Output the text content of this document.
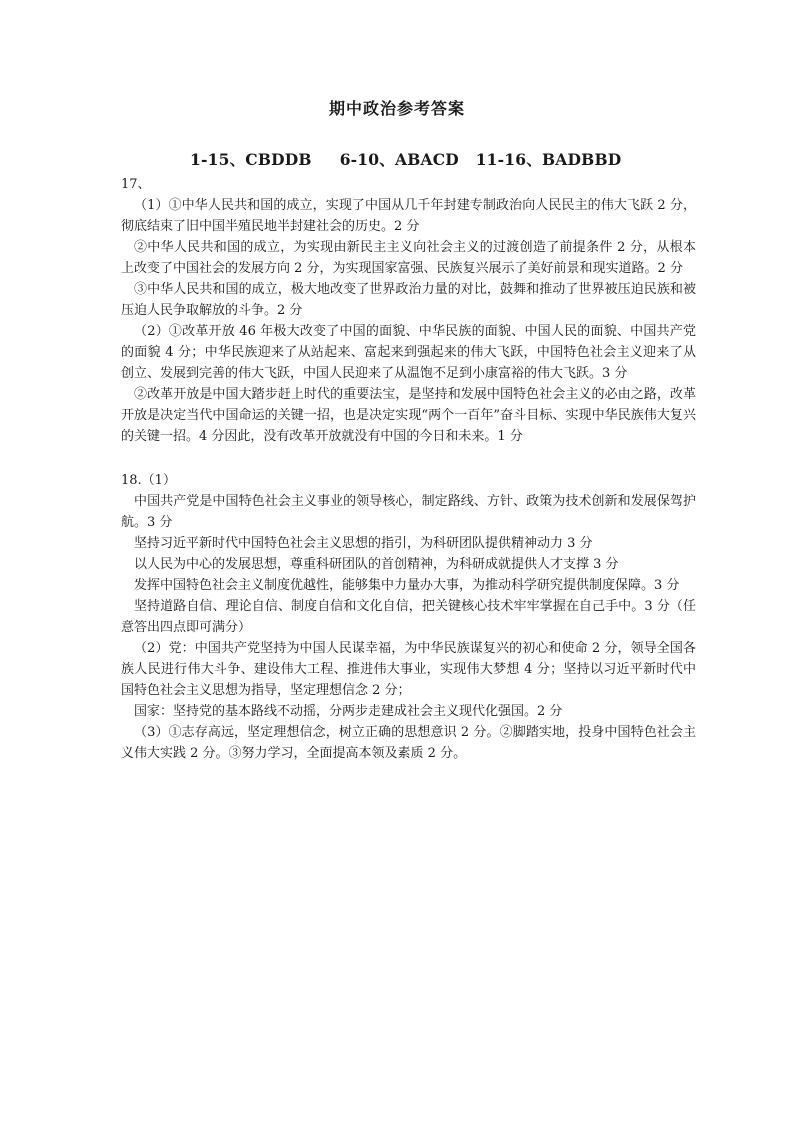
期中政治参考答案
1-15、CBDDB     6-10、ABACD   11-16、BADBBD

17、

（1）①中华人民共和国的成立，实现了中国从几千年封建专制政治向人民民主的伟大飞跃 2 分，彻底结束了旧中国半殖民地半封建社会的历史。2 分

②中华人民共和国的成立，为实现由新民主主义向社会主义的过渡创造了前提条件 2 分，从根本上改变了中国社会的发展方向 2 分，为实现国家富强、民族复兴展示了美好前景和现实道路。2 分

③中华人民共和国的成立，极大地改变了世界政治力量的对比，鼓舞和推动了世界被压迫民族和被压迫人民争取解放的斗争。2 分

（2）①改革开放 46 年极大改变了中国的面貌、中华民族的面貌、中国人民的面貌、中国共产党的面貌 4 分；中华民族迎来了从站起来、富起来到强起来的伟大飞跃，中国特色社会主义迎来了从创立、发展到完善的伟大飞跃，中国人民迎来了从温饱不足到小康富裕的伟大飞跃。3 分

②改革开放是中国大踏步赶上时代的重要法宝，是坚持和发展中国特色社会主义的必由之路，改革开放是决定当代中国命运的关键一招，也是决定实现“两个一百年”奋斗目标、实现中华民族伟大复兴的关键一招。4 分因此，没有改革开放就没有中国的今日和未来。1 分

18.（1）

中国共产党是中国特色社会主义事业的领导核心，制定路线、方针、政策为技术创新和发展保驾护航。3 分

坚持习近平新时代中国特色社会主义思想的指引，为科研团队提供精神动力 3 分

以人民为中心的发展思想，尊重科研团队的首创精神，为科研成就提供人才支撑 3 分

发挥中国特色社会主义制度优越性，能够集中力量办大事，为推动科学研究提供制度保障。3 分

坚持道路自信、理论自信、制度自信和文化自信，把关键核心技术牢牢掌握在自己手中。3 分（任意答出四点即可满分）

（2）党：中国共产党坚持为中国人民谋幸福，为中华民族谋复兴的初心和使命 2 分，领导全国各族人民进行伟大斗争、建设伟大工程、推进伟大事业，实现伟大梦想 4 分；坚持以习近平新时代中国特色社会主义思想为指导，坚定理想信念 2 分；

国家：坚持党的基本路线不动摇，分两步走建成社会主义现代化强国。2 分

（3）①志存高远，坚定理想信念，树立正确的思想意识 2 分。②脚踏实地，投身中国特色社会主义伟大实践 2 分。③努力学习，全面提高本领及素质 2 分。
